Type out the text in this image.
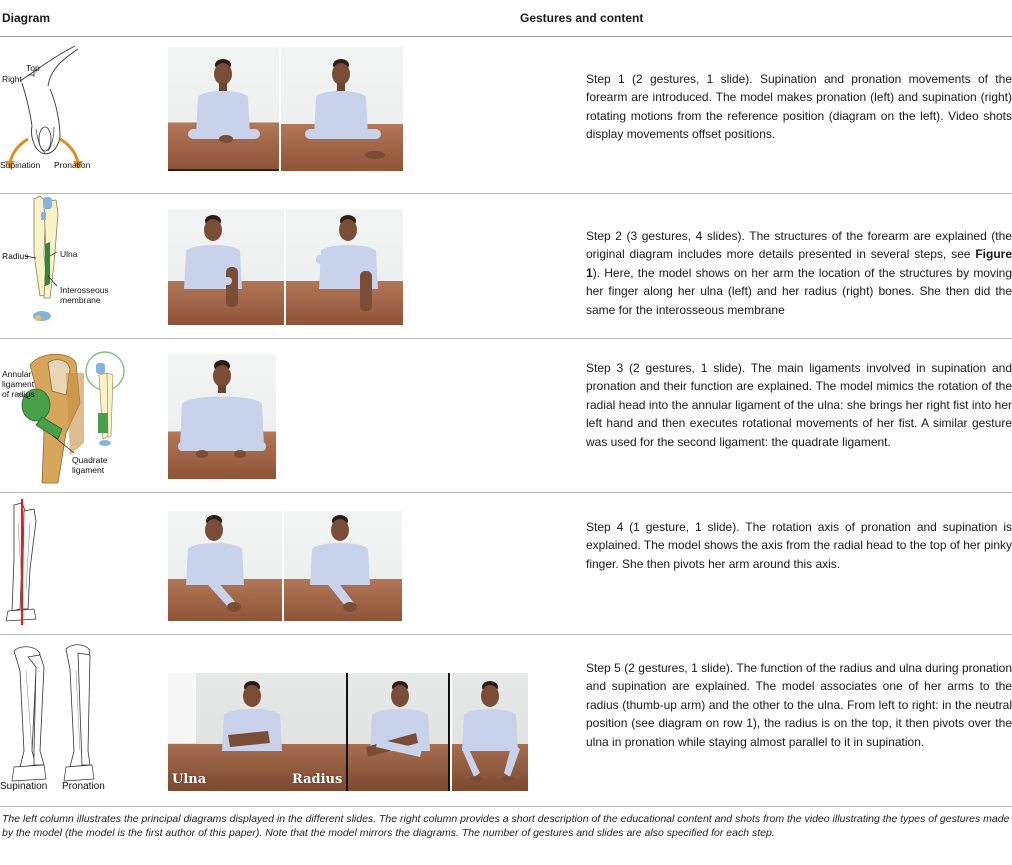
Diagram	Gestures and content
Top
Right
Supination Pronation

Step 1 (2 gestures, 1 slide). Supination and pronation movements of the forearm are introduced. The model makes pronation (left) and supination (right) rotating motions from the reference position (diagram on the left). Video shots display movements offset positions.

Radius	Ulna
Interosseous
membrane

Step 2 (3 gestures, 4 slides). The structures of the forearm are explained (the original diagram includes more details presented in several steps, see Figure 1). Here, the model shows on her arm the location of the structures by moving her finger along her ulna (left) and her radius (right) bones. She then did the same for the interosseous membrane

Annular
ligament
of radius
Quadrate
ligament

Step 3 (2 gestures, 1 slide). The main ligaments involved in supination and pronation and their function are explained. The model mimics the rotation of the radial head into the annular ligament of the ulna: she brings her right fist into her left hand and then executes rotational movements of her fist. A similar gesture was used for the second ligament: the quadrate ligament.

Step 4 (1 gesture, 1 slide). The rotation axis of pronation and supination is explained. The model shows the axis from the radial head to the top of her pinky finger. She then pivots her arm around this axis.

Supination Pronation	Ulna	Radius

Step 5 (2 gestures, 1 slide). The function of the radius and ulna during pronation and supination are explained. The model associates one of her arms to the radius (thumb-up arm) and the other to the ulna. From left to right: in the neutral position (see diagram on row 1), the radius is on the top, it then pivots over the ulna in pronation while staying almost parallel to it in supination.

The left column illustrates the principal diagrams displayed in the different slides. The right column provides a short description of the educational content and shots from the video illustrating the types of gestures made by the model (the model is the first author of this paper). Note that the model mirrors the diagrams. The number of gestures and slides are also specified for each step.
